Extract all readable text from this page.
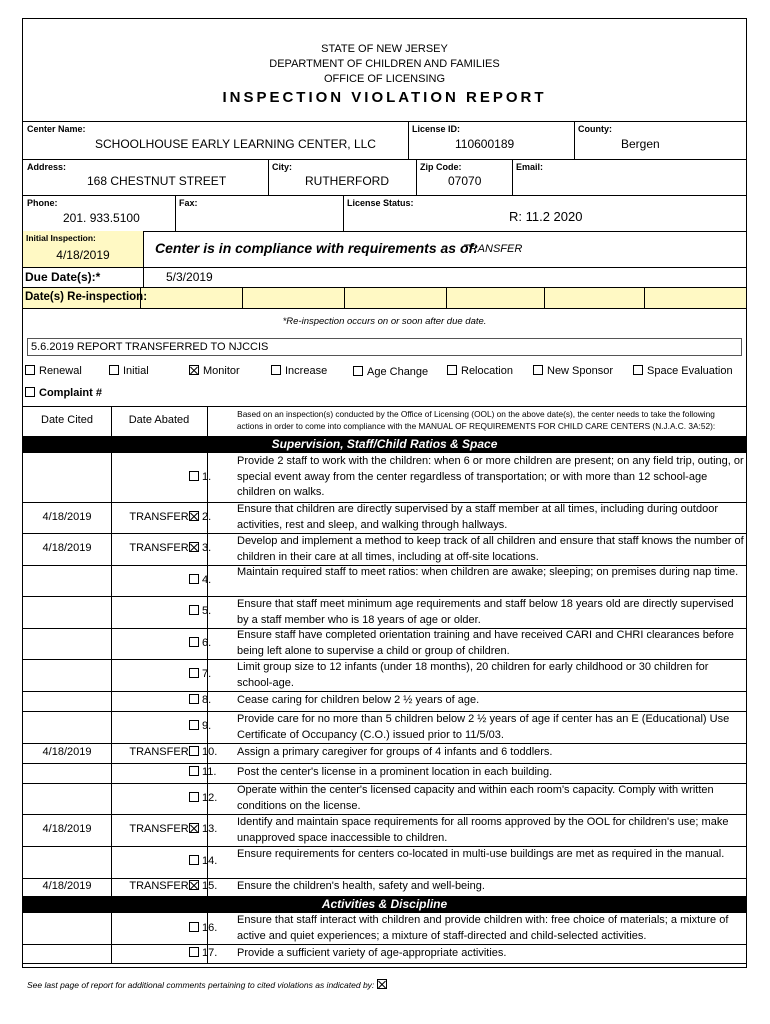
STATE OF NEW JERSEY
DEPARTMENT OF CHILDREN AND FAMILIES
OFFICE OF LICENSING
INSPECTION VIOLATION REPORT
Center Name:
SCHOOLHOUSE EARLY LEARNING CENTER, LLC
License ID:
110600189
County:
Bergen
Address:
168 CHESTNUT STREET
City:
RUTHERFORD
Zip Code:
07070
Email:
Phone:
201. 933.5100
Fax:	License Status:
R: 11.2 2020
Initial Inspection:
4/18/2019	Center is in compliance with requirements as of:
TRANSFER
Due Date(s):*	5/3/2019
Date(s) Re-inspection:
*Re-inspection occurs on or soon after due date.
5.6.2019 REPORT TRANSFERRED TO NJCCIS
Renewal	Initial	Monitor	Increase	Age Change	Relocation	New Sponsor	Space Evaluation
Complaint #
Date Cited	Date Abated	Based on an inspection(s) conducted by the Office of Licensing (OOL) on the above date(s), the center needs to take the following
actions in order to come into compliance with the MANUAL OF REQUIREMENTS FOR CHILD CARE CENTERS (N.J.A.C. 3A:52):
Supervision, Staff/Child Ratios & Space
1.
Provide 2 staff to work with the children: when 6 or more children are present; on any field trip, outing, or special event away from the center regardless of transportation; or with more than 12 school-age children on walks.
4/18/2019	TRANSFER	2.
Ensure that children are directly supervised by a staff member at all times, including during outdoor activities, rest and sleep, and walking through hallways.
4/18/2019	TRANSFER	3.
Develop and implement a method to keep track of all children and ensure that staff knows the number of children in their care at all times, including at off-site locations.
4.
Maintain required staff to meet ratios: when children are awake; sleeping; on premises during nap time.
5.
Ensure that staff meet minimum age requirements and staff below 18 years old are directly supervised by a staff member who is 18 years of age or older.
6.
Ensure staff have completed orientation training and have received CARI and CHRI clearances before being left alone to supervise a child or group of children.
7.
Limit group size to 12 infants (under 18 months), 20 children for early childhood or 30 children for school-age.
8.	Cease caring for children below 2 ½ years of age.
9.
Provide care for no more than 5 children below 2 ½ years of age if center has an E (Educational) Use Certificate of Occupancy (C.O.) issued prior to 11/5/03.
4/18/2019	TRANSFER	10.	Assign a primary caregiver for groups of 4 infants and 6 toddlers.
11.	Post the center's license in a prominent location in each building.
12.
Operate within the center's licensed capacity and within each room's capacity. Comply with written conditions on the license.
4/18/2019	TRANSFER	13.
Identify and maintain space requirements for all rooms approved by the OOL for children's use; make unapproved space inaccessible to children.
14.
Ensure requirements for centers co-located in multi-use buildings are met as required in the manual.
4/18/2019	TRANSFER	15.	Ensure the children's health, safety and well-being.
Activities & Discipline
16.
Ensure that staff interact with children and provide children with: free choice of materials; a mixture of active and quiet experiences; a mixture of staff-directed and child-selected activities.
17.	Provide a sufficient variety of age-appropriate activities.
See last page of report for additional comments pertaining to cited violations as indicated by:
